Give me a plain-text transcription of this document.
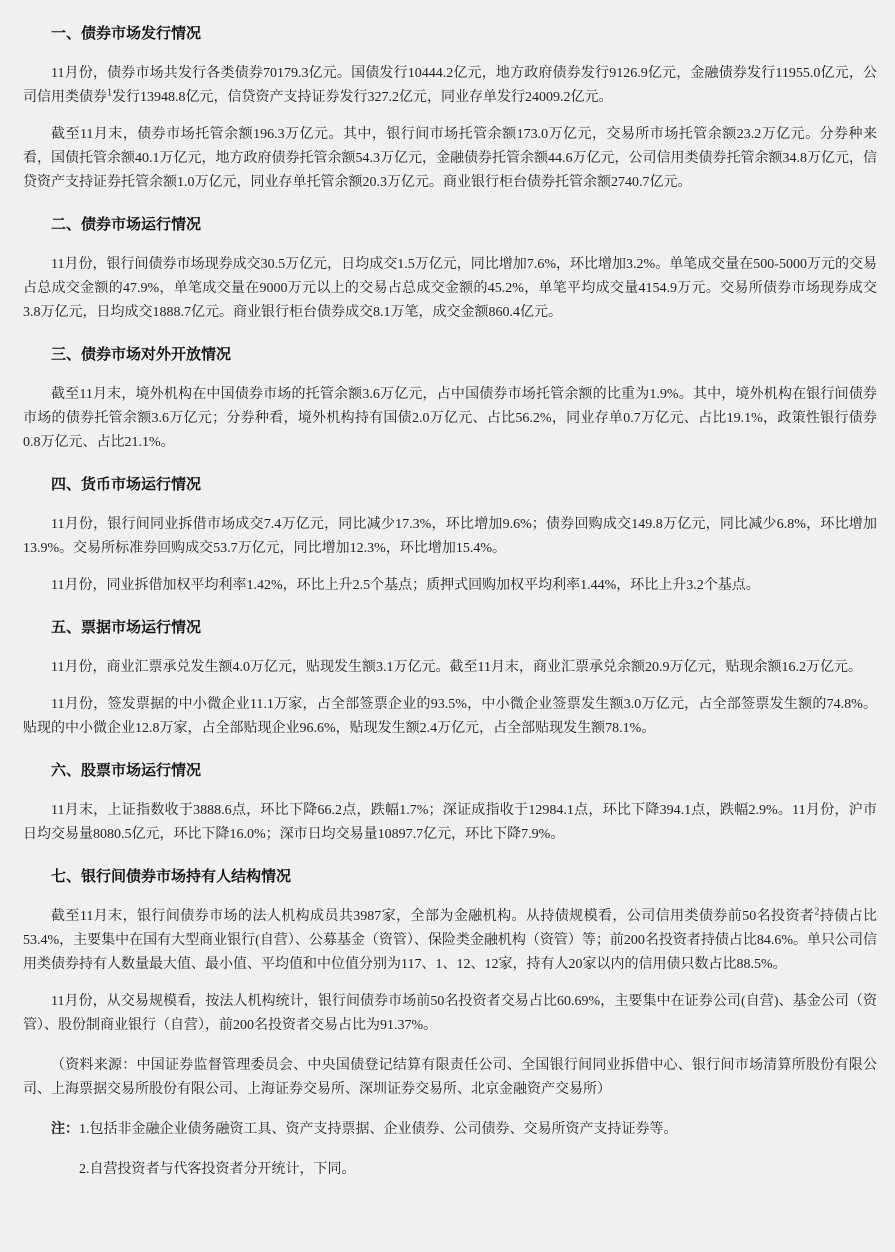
一、债券市场发行情况

11月份，债券市场共发行各类债券70179.3亿元。国债发行10444.2亿元，地方政府债券发行9126.9亿元，金融债券发行11955.0亿元，公司信用类债券$^1$发行13948.8亿元，信贷资产支持证券发行327.2亿元，同业存单发行24009.2亿元。

截至11月末，债券市场托管余额196.3万亿元。其中，银行间市场托管余额173.0万亿元，交易所市场托管余额23.2万亿元。分券种来看，国债托管余额40.1万亿元，地方政府债券托管余额54.3万亿元，金融债券托管余额44.6万亿元，公司信用类债券托管余额34.8万亿元，信贷资产支持证券托管余额1.0万亿元，同业存单托管余额20.3万亿元。商业银行柜台债券托管余额2740.7亿元。

二、债券市场运行情况

11月份，银行间债券市场现券成交30.5万亿元，日均成交1.5万亿元，同比增加7.6%，环比增加3.2%。单笔成交量在500-5000万元的交易占总成交金额的47.9%，单笔成交量在9000万元以上的交易占总成交金额的45.2%，单笔平均成交量4154.9万元。交易所债券市场现券成交3.8万亿元，日均成交1888.7亿元。商业银行柜台债券成交8.1万笔，成交金额860.4亿元。

三、债券市场对外开放情况

截至11月末，境外机构在中国债券市场的托管余额3.6万亿元，占中国债券市场托管余额的比重为1.9%。其中，境外机构在银行间债券市场的债券托管余额3.6万亿元；分券种看，境外机构持有国债2.0万亿元、占比56.2%，同业存单0.7万亿元、占比19.1%，政策性银行债券0.8万亿元、占比21.1%。

四、货币市场运行情况

11月份，银行间同业拆借市场成交7.4万亿元，同比减少17.3%，环比增加9.6%；债券回购成交149.8万亿元，同比减少6.8%，环比增加13.9%。交易所标准券回购成交53.7万亿元，同比增加12.3%，环比增加15.4%。

11月份，同业拆借加权平均利率1.42%，环比上升2.5个基点；质押式回购加权平均利率1.44%，环比上升3.2个基点。

五、票据市场运行情况

11月份，商业汇票承兑发生额4.0万亿元，贴现发生额3.1万亿元。截至11月末，商业汇票承兑余额20.9万亿元，贴现余额16.2万亿元。

11月份，签发票据的中小微企业11.1万家，占全部签票企业的93.5%，中小微企业签票发生额3.0万亿元，占全部签票发生额的74.8%。贴现的中小微企业12.8万家，占全部贴现企业96.6%，贴现发生额2.4万亿元，占全部贴现发生额78.1%。

六、股票市场运行情况

11月末，上证指数收于3888.6点，环比下降66.2点，跌幅1.7%；深证成指收于12984.1点，环比下降394.1点，跌幅2.9%。11月份，沪市日均交易量8080.5亿元，环比下降16.0%；深市日均交易量10897.7亿元，环比下降7.9%。

七、银行间债券市场持有人结构情况

截至11月末，银行间债券市场的法人机构成员共3987家，全部为金融机构。从持债规模看，公司信用类债券前50名投资者$^2$持债占比53.4%，主要集中在国有大型商业银行(自营）、公募基金（资管）、保险类金融机构（资管）等；前200名投资者持债占比84.6%。单只公司信用类债券持有人数量最大值、最小值、平均值和中位值分别为117、1、12、12家，持有人20家以内的信用债只数占比88.5%。

11月份，从交易规模看，按法人机构统计，银行间债券市场前50名投资者交易占比60.69%，主要集中在证券公司(自营)、基金公司（资管）、股份制商业银行（自营），前200名投资者交易占比为91.37%。

（资料来源：中国证券监督管理委员会、中央国债登记结算有限责任公司、全国银行间同业拆借中心、银行间市场清算所股份有限公司、上海票据交易所股份有限公司、上海证券交易所、深圳证券交易所、北京金融资产交易所）

注：1.包括非金融企业债务融资工具、资产支持票据、企业债券、公司债券、交易所资产支持证券等。
2.自营投资者与代客投资者分开统计，下同。
